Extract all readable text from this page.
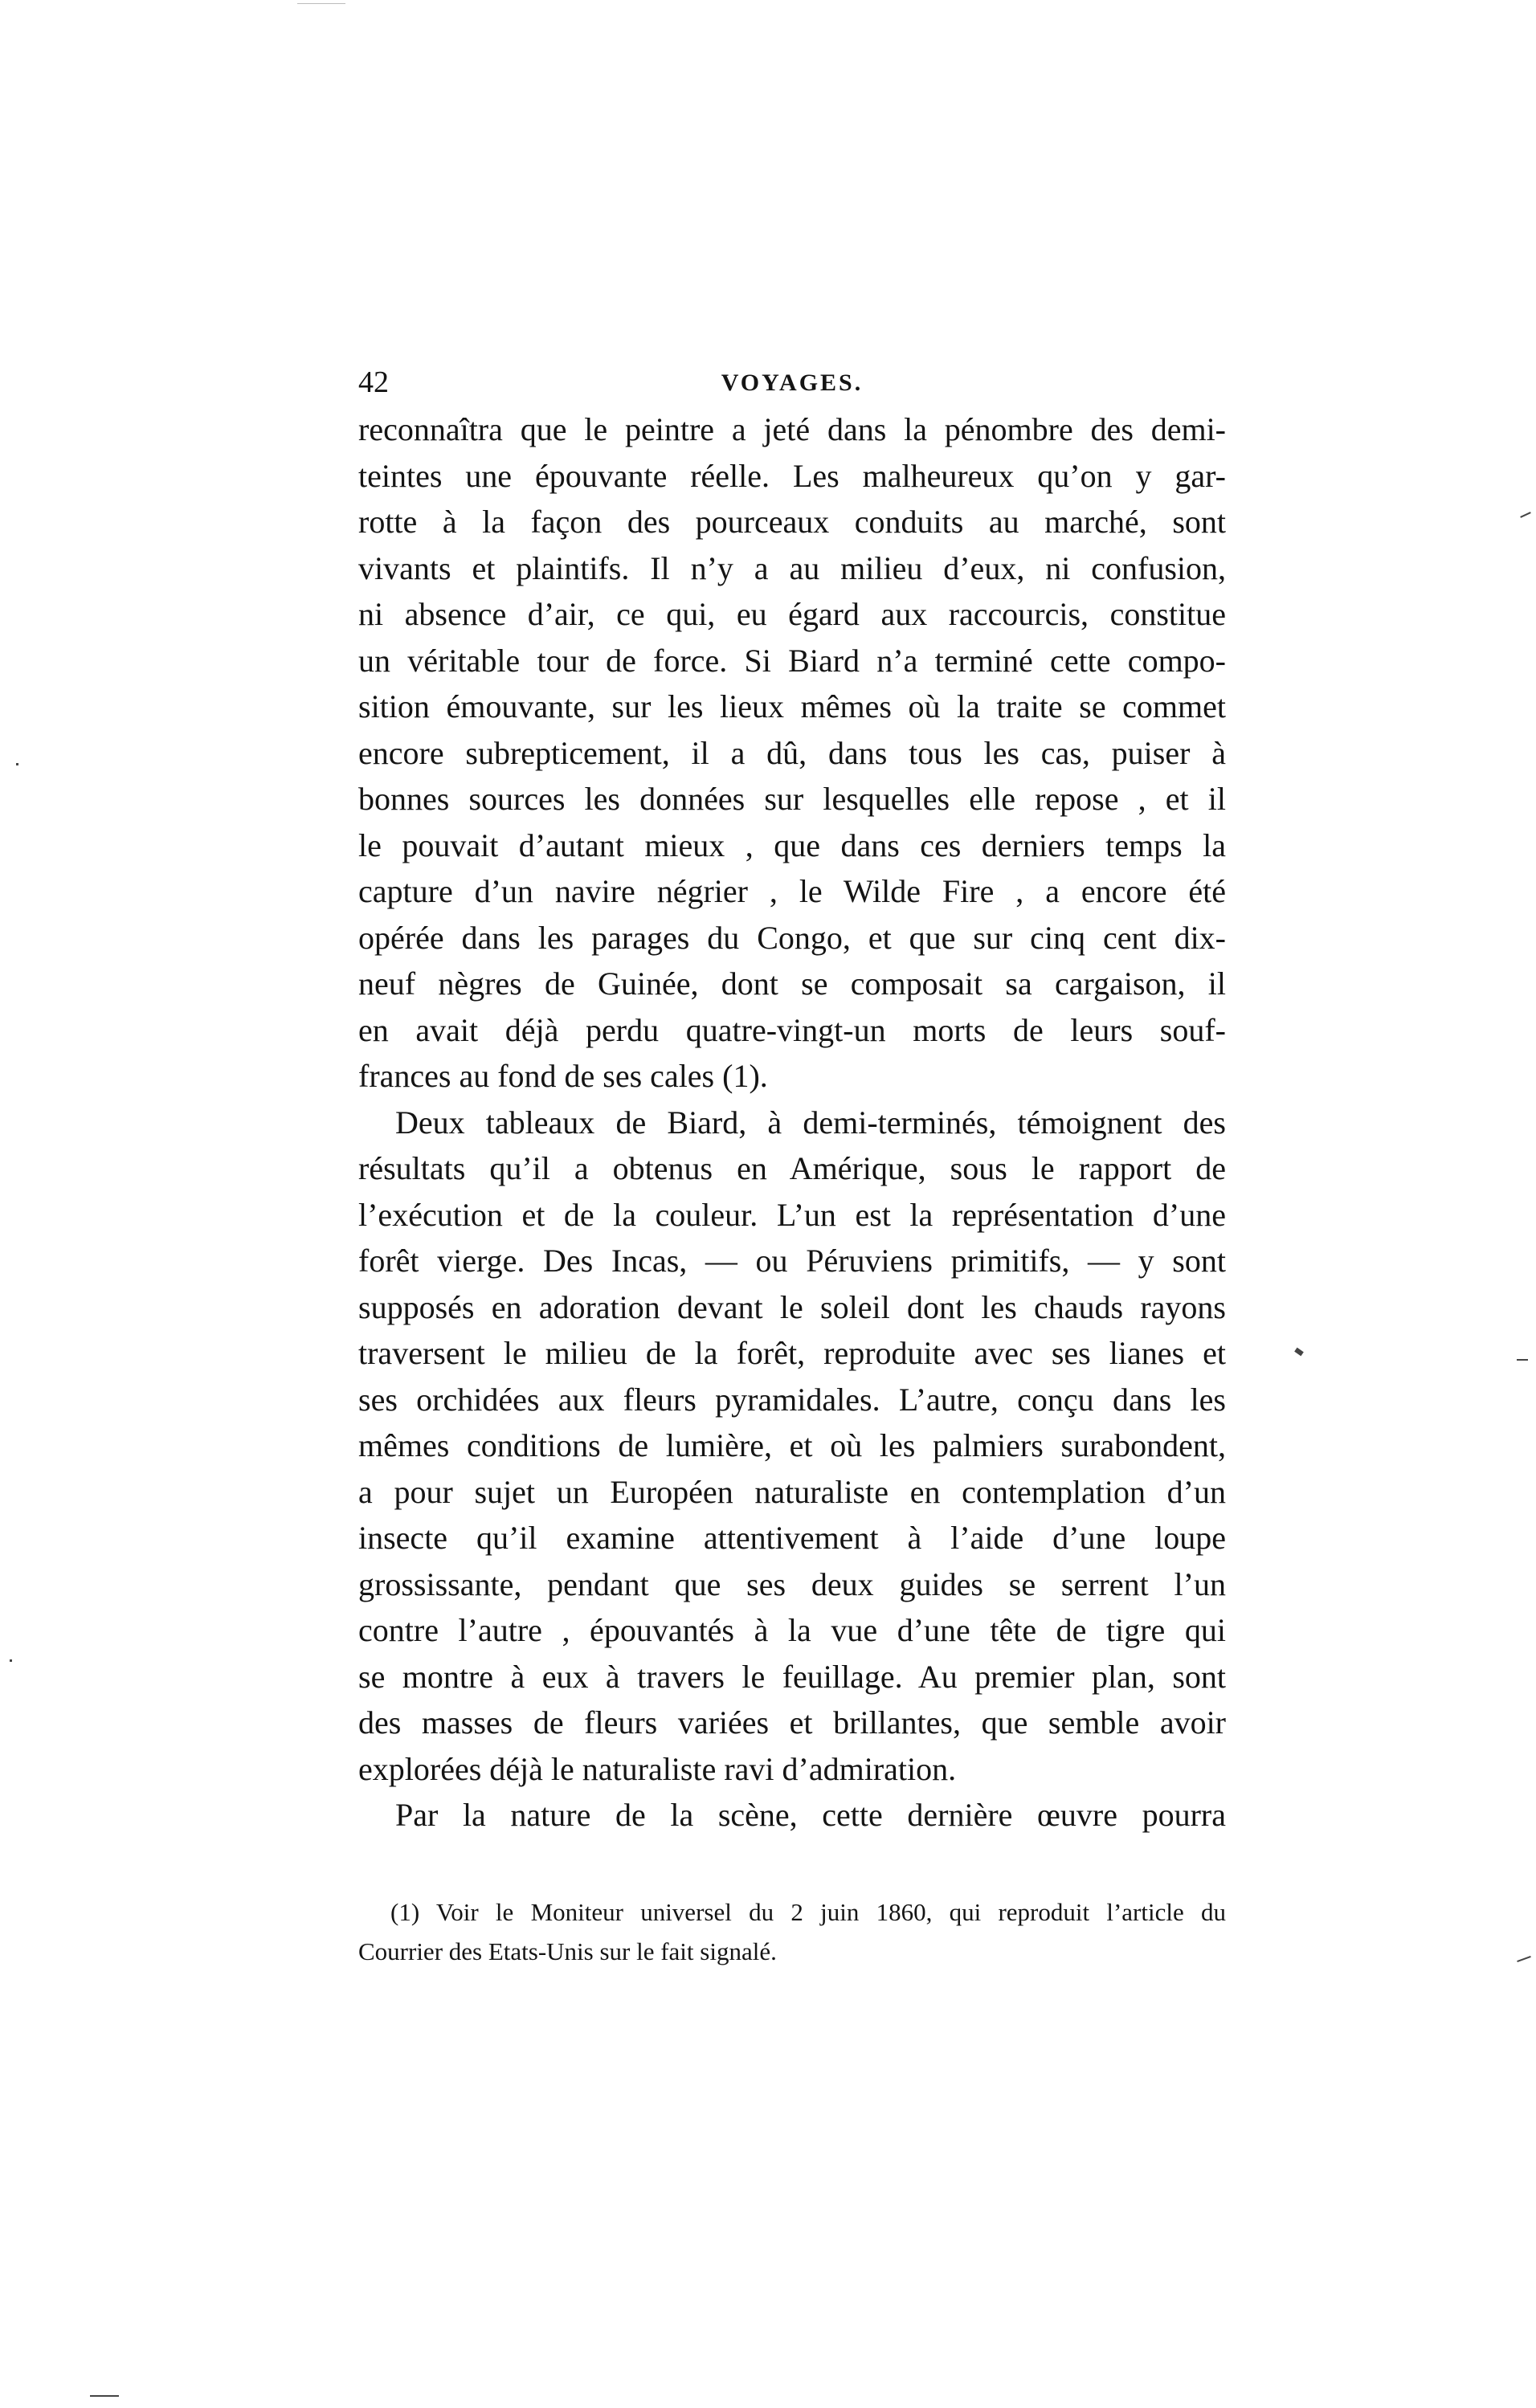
42	VOYAGES.
reconnaîtra que le peintre a jeté dans la pénombre des demi-
teintes une épouvante réelle. Les malheureux qu’on y gar-
rotte à la façon des pourceaux conduits au marché, sont
vivants et plaintifs. Il n’y a au milieu d’eux, ni confusion,
ni absence d’air, ce qui, eu égard aux raccourcis, constitue
un véritable tour de force. Si Biard n’a terminé cette compo-
sition émouvante, sur les lieux mêmes où la traite se commet
encore subrepticement, il a dû, dans tous les cas, puiser à
bonnes sources les données sur lesquelles elle repose , et il
le pouvait d’autant mieux , que dans ces derniers temps la
capture d’un navire négrier , le Wilde Fire , a encore été
opérée dans les parages du Congo, et que sur cinq cent dix-
neuf nègres de Guinée, dont se composait sa cargaison, il
en avait déjà perdu quatre-vingt-un morts de leurs souf-
frances au fond de ses cales (1).
Deux tableaux de Biard, à demi-terminés, témoignent des
résultats qu’il a obtenus en Amérique, sous le rapport de
l’exécution et de la couleur. L’un est la représentation d’une
forêt vierge. Des Incas, — ou Péruviens primitifs, — y sont
supposés en adoration devant le soleil dont les chauds rayons
traversent le milieu de la forêt, reproduite avec ses lianes et
ses orchidées aux fleurs pyramidales. L’autre, conçu dans les
mêmes conditions de lumière, et où les palmiers surabondent,
a pour sujet un Européen naturaliste en contemplation d’un
insecte qu’il examine attentivement à l’aide d’une loupe
grossissante, pendant que ses deux guides se serrent l’un
contre l’autre , épouvantés à la vue d’une tête de tigre qui
se montre à eux à travers le feuillage. Au premier plan, sont
des masses de fleurs variées et brillantes, que semble avoir
explorées déjà le naturaliste ravi d’admiration.
Par la nature de la scène, cette dernière œuvre pourra
(1) Voir le Moniteur universel du 2 juin 1860, qui reproduit l’article du
Courrier des Etats-Unis sur le fait signalé.
